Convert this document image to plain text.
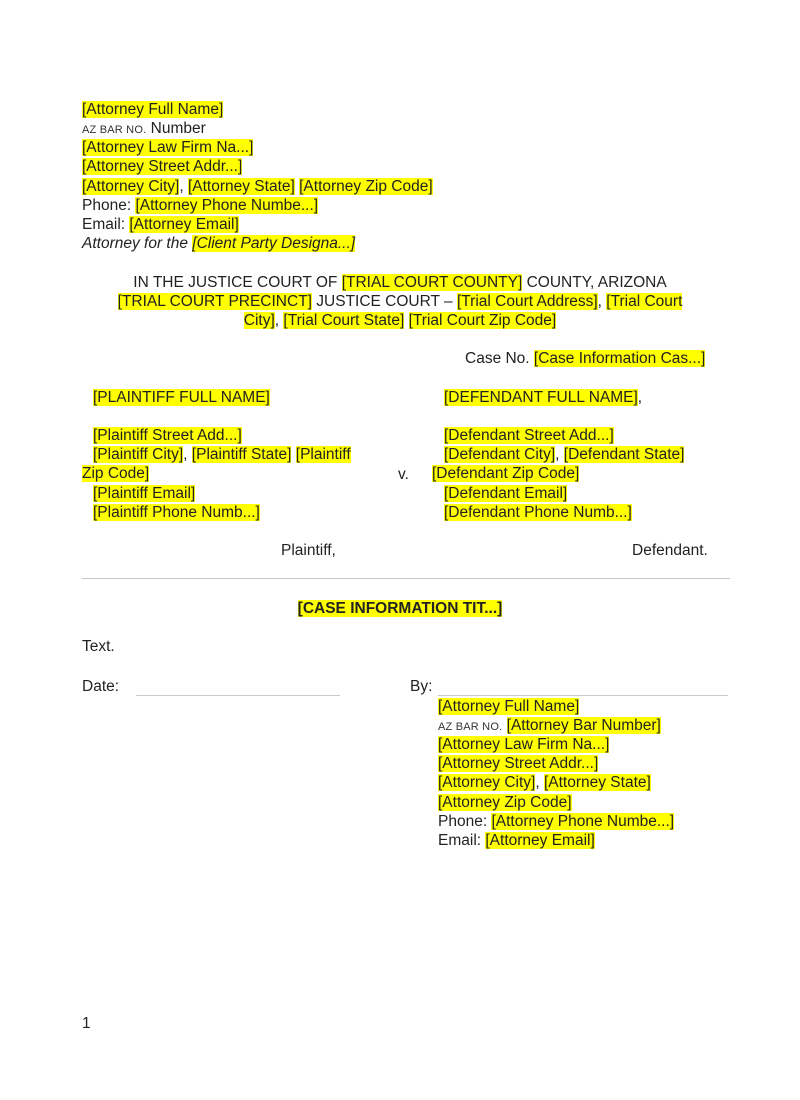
[Attorney Full Name]
AZ BAR NO. Number
[Attorney Law Firm Na...]
[Attorney Street Addr...]
[Attorney City], [Attorney State] [Attorney Zip Code]
Phone: [Attorney Phone Numbe...]
Email: [Attorney Email]
Attorney for the [Client Party Designa...]
IN THE JUSTICE COURT OF [TRIAL COURT COUNTY] COUNTY, ARIZONA
[TRIAL COURT PRECINCT] JUSTICE COURT – [Trial Court Address], [Trial Court
City], [Trial Court State] [Trial Court Zip Code]
Case No. [Case Information Cas...]
[PLAINTIFF FULL NAME]
[Plaintiff Street Add...]
[Plaintiff City], [Plaintiff State] [Plaintiff
Zip Code]
[Plaintiff Email]
[Plaintiff Phone Numb...]
Plaintiff,
v.
[DEFENDANT FULL NAME],
[Defendant Street Add...]
[Defendant City], [Defendant State]
[Defendant Zip Code]
[Defendant Email]
[Defendant Phone Numb...]
Defendant.
[CASE INFORMATION TIT...]
Text.
Date:	By:
[Attorney Full Name]
AZ BAR NO. [Attorney Bar Number]
[Attorney Law Firm Na...]
[Attorney Street Addr...]
[Attorney City], [Attorney State]
[Attorney Zip Code]
Phone: [Attorney Phone Numbe...]
Email: [Attorney Email]
1
